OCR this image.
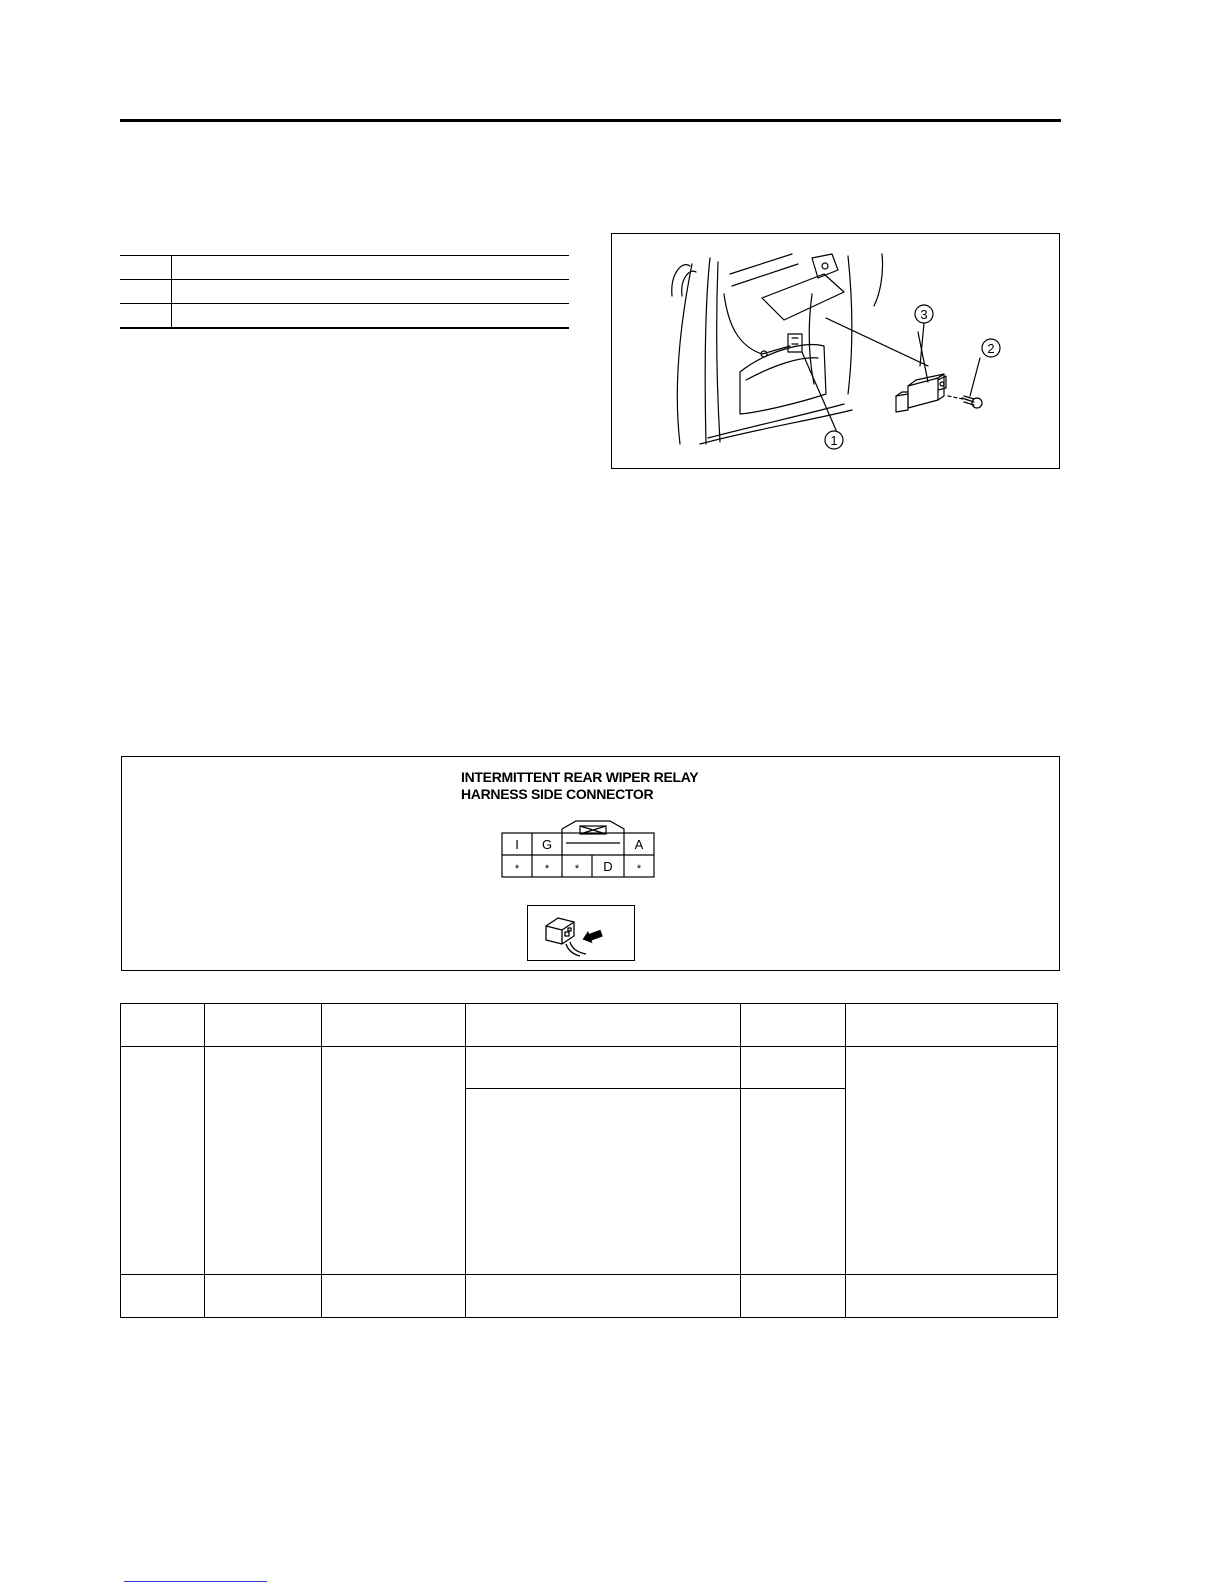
1
2
3
INTERMITTENT REAR WIPER RELAY
HARNESS SIDE CONNECTOR
I G	A
* * * D *
